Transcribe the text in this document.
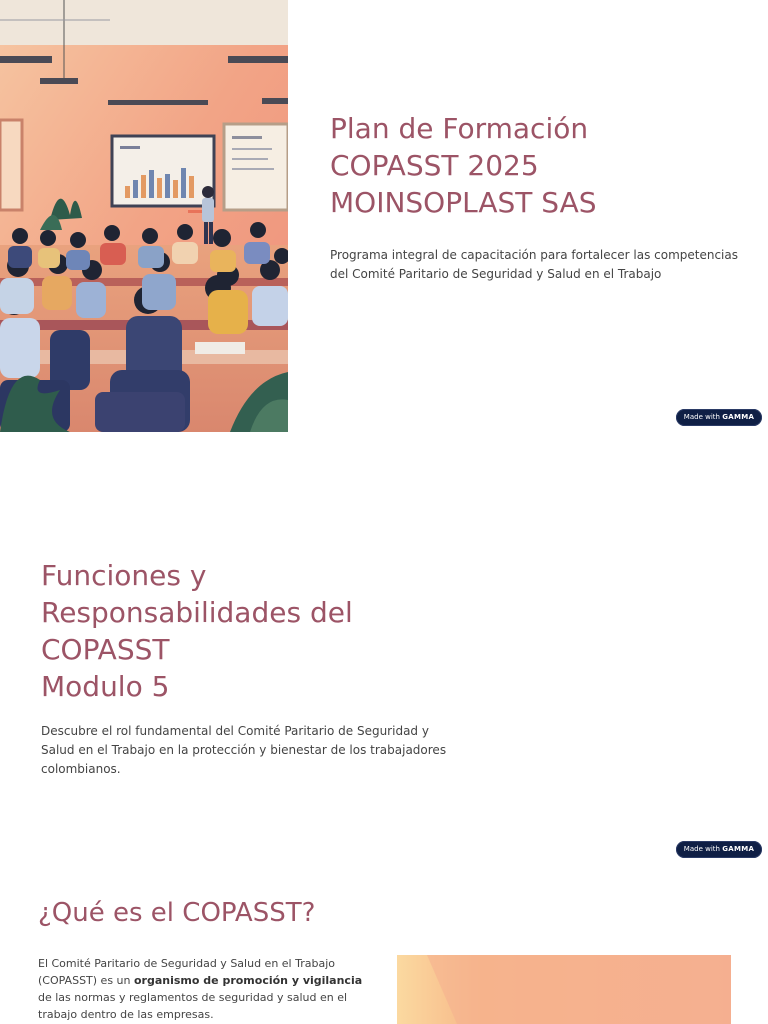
Plan de Formación
COPASST 2025
MOINSOPLAST SAS

Programa integral de capacitación para fortalecer las competencias del Comité Paritario de Seguridad y Salud en el Trabajo

Made with GAMMA
Funciones y
Responsabilidades del
COPASST
Modulo 5

Descubre el rol fundamental del Comité Paritario de Seguridad y Salud en el Trabajo en la protección y bienestar de los trabajadores colombianos.

Made with GAMMA
¿Qué es el COPASST?

El Comité Paritario de Seguridad y Salud en el Trabajo (COPASST) es un organismo de promoción y vigilancia de las normas y reglamentos de seguridad y salud en el trabajo dentro de las empresas.
